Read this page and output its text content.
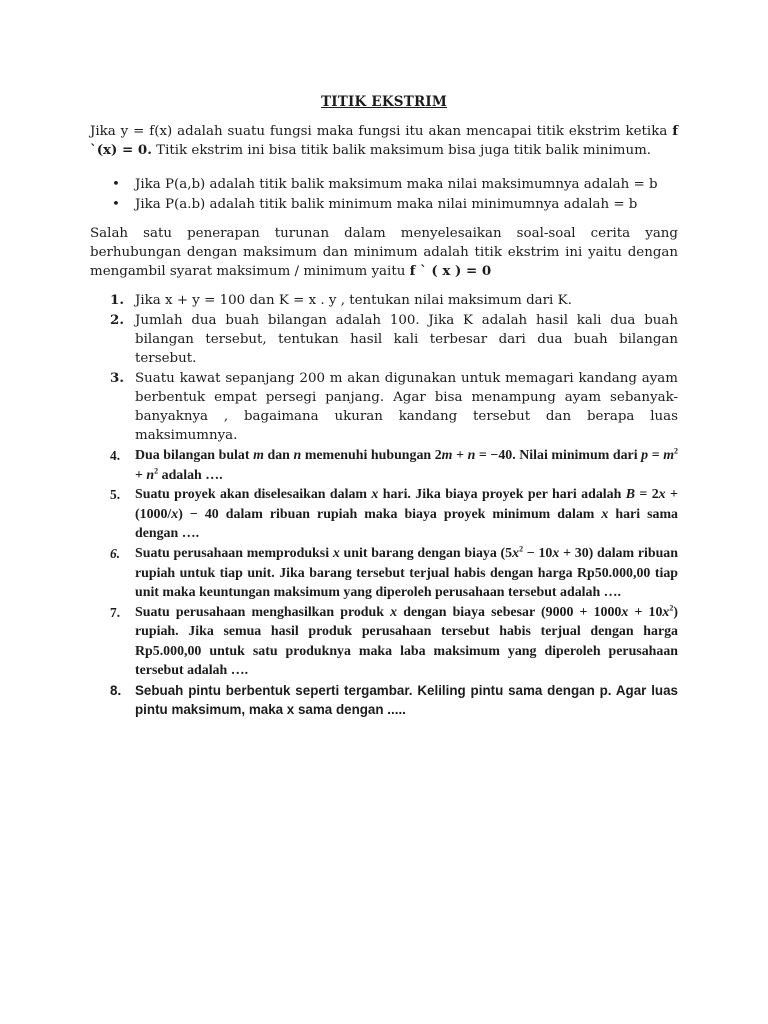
TITIK EKSTRIM
Jika y = f(x) adalah suatu fungsi maka fungsi itu akan mencapai titik ekstrim ketika f `(x) = 0. Titik ekstrim ini bisa titik balik maksimum bisa juga titik balik minimum.
• Jika P(a,b) adalah titik balik maksimum maka nilai maksimumnya adalah = b
• Jika P(a.b) adalah titik balik minimum maka nilai minimumnya adalah = b
Salah satu penerapan turunan dalam menyelesaikan soal-soal cerita yang berhubungan dengan maksimum dan minimum adalah titik ekstrim ini yaitu dengan mengambil syarat maksimum / minimum yaitu f ` ( x ) = 0
1. Jika x + y = 100 dan K = x . y , tentukan nilai maksimum dari K.
2. Jumlah dua buah bilangan adalah 100. Jika K adalah hasil kali dua buah bilangan tersebut, tentukan hasil kali terbesar dari dua buah bilangan tersebut.
3. Suatu kawat sepanjang 200 m akan digunakan untuk memagari kandang ayam berbentuk empat persegi panjang. Agar bisa menampung ayam sebanyak-banyaknya , bagaimana ukuran kandang tersebut dan berapa luas maksimumnya.
4. Dua bilangan bulat m dan n memenuhi hubungan 2m + n = −40. Nilai minimum dari $p = m^2 + n^2$ adalah ….
5. Suatu proyek akan diselesaikan dalam x hari. Jika biaya proyek per hari adalah B = 2x + (1000/x) − 40 dalam ribuan rupiah maka biaya proyek minimum dalam x hari sama dengan ….
6. Suatu perusahaan memproduksi x unit barang dengan biaya $(5x^2 - 10x + 30)$ dalam ribuan rupiah untuk tiap unit. Jika barang tersebut terjual habis dengan harga Rp50.000,00 tiap unit maka keuntungan maksimum yang diperoleh perusahaan tersebut adalah ….
7. Suatu perusahaan menghasilkan produk x dengan biaya sebesar $(9000 + 1000x + 10x^2)$ rupiah. Jika semua hasil produk perusahaan tersebut habis terjual dengan harga Rp5.000,00 untuk satu produknya maka laba maksimum yang diperoleh perusahaan tersebut adalah ….
8. Sebuah pintu berbentuk seperti tergambar. Keliling pintu sama dengan p. Agar luas pintu maksimum, maka x sama dengan .....
